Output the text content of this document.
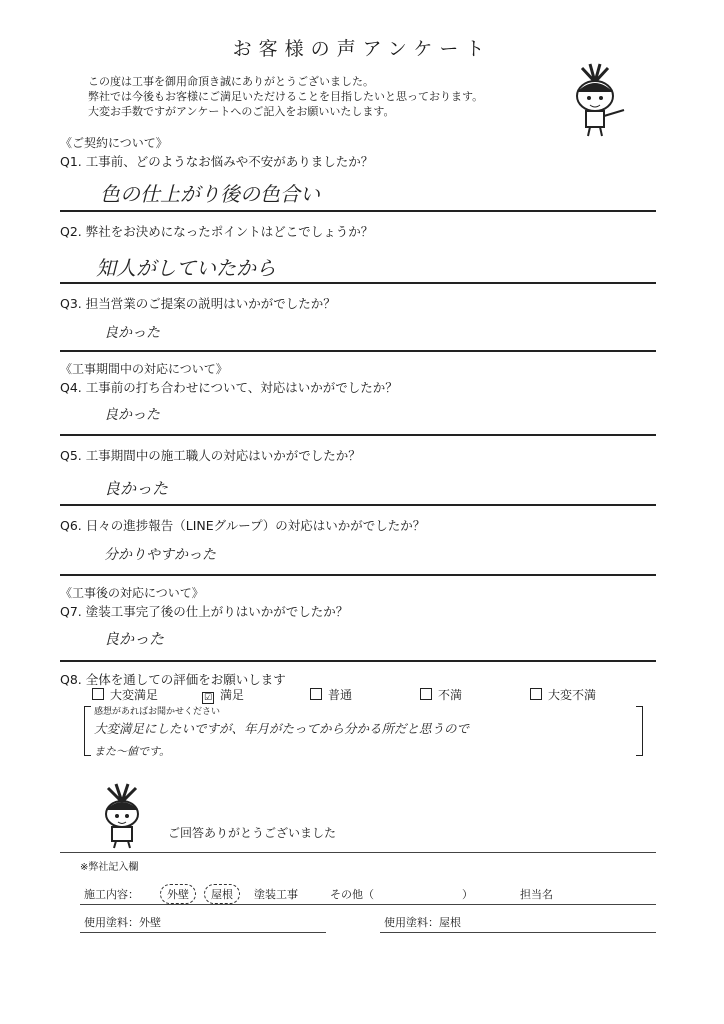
お客様の声アンケート
この度は工事を御用命頂き誠にありがとうございました。
弊社では今後もお客様にご満足いただけることを目指したいと思っております。
大変お手数ですがアンケートへのご記入をお願いいたします。
《ご契約について》
Q1. 工事前、どのようなお悩みや不安がありましたか？
色の仕上がり後の色合い
Q2. 弊社をお決めになったポイントはどこでしょうか？
知人がしていたから
Q3. 担当営業のご提案の説明はいかがでしたか？
良かった
《工事期間中の対応について》
Q4. 工事前の打ち合わせについて、対応はいかがでしたか？
良かった
Q5. 工事期間中の施工職人の対応はいかがでしたか？
良かった
Q6. 日々の進捗報告（LINEグループ）の対応はいかがでしたか？
分かりやすかった
《工事後の対応について》
Q7. 塗装工事完了後の仕上がりはいかがでしたか？
良かった
Q8. 全体を通しての評価をお願いします
大変満足	☑ 満足	普通	不満	大変不満
感想があればお聞かせください
大変満足にしたいですが、年月がたってから分かる所だと思うので
また～値です。
ご回答ありがとうございました
※弊社記入欄
施工内容：	外壁	屋根	塗装工事	その他（　　　　　　　　）	担当名
使用塗料：外壁	使用塗料：屋根
